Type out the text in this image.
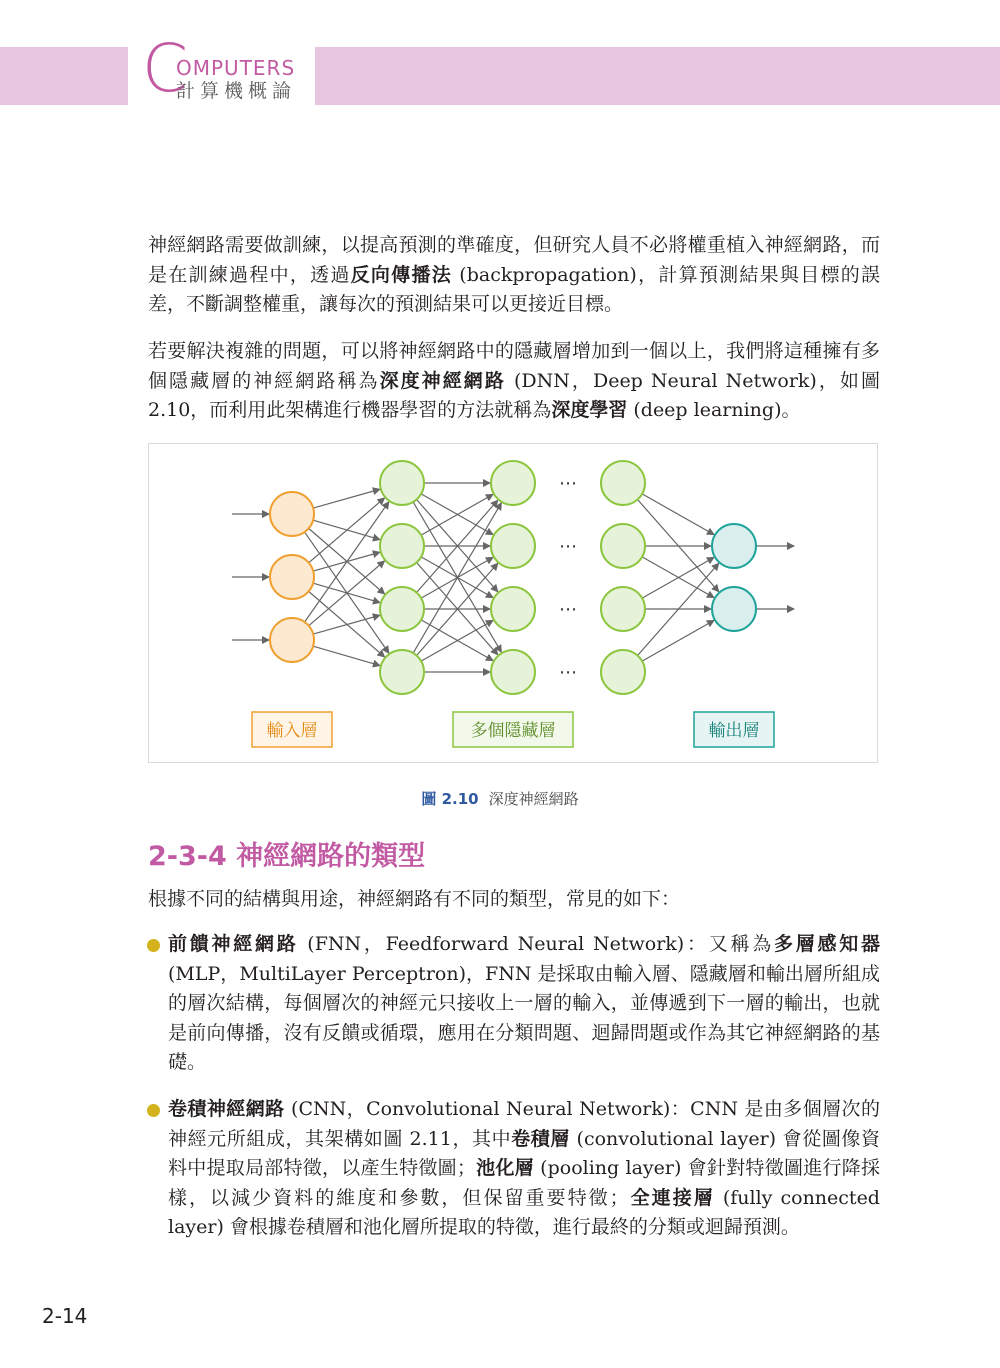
C
OMPUTERS
計算機概論

神經網路需要做訓練，以提高預測的準確度，但研究人員不必將權重植入神經網路，而是在訓練過程中，透過反向傳播法 (backpropagation)，計算預測結果與目標的誤差，不斷調整權重，讓每次的預測結果可以更接近目標。

若要解決複雜的問題，可以將神經網路中的隱藏層增加到一個以上，我們將這種擁有多個隱藏層的神經網路稱為深度神經網路 (DNN，Deep Neural Network)，如圖 2.10，而利用此架構進行機器學習的方法就稱為深度學習 (deep learning)。

⋯
⋯
⋯
⋯
輸入層	多個隱藏層	輸出層
圖 2.10 深度神經網路
2-3-4 神經網路的類型

根據不同的結構與用途，神經網路有不同的類型，常見的如下：

前饋神經網路 (FNN，Feedforward Neural Network)：又稱為多層感知器 (MLP，MultiLayer Perceptron)，FNN 是採取由輸入層、隱藏層和輸出層所組成的層次結構，每個層次的神經元只接收上一層的輸入，並傳遞到下一層的輸出，也就是前向傳播，沒有反饋或循環，應用在分類問題、迴歸問題或作為其它神經網路的基礎。

卷積神經網路 (CNN，Convolutional Neural Network)：CNN 是由多個層次的神經元所組成，其架構如圖 2.11，其中卷積層 (convolutional layer) 會從圖像資料中提取局部特徵，以產生特徵圖；池化層 (pooling layer) 會針對特徵圖進行降採樣，以減少資料的維度和參數，但保留重要特徵；全連接層 (fully connected layer) 會根據卷積層和池化層所提取的特徵，進行最終的分類或迴歸預測。

2-14
